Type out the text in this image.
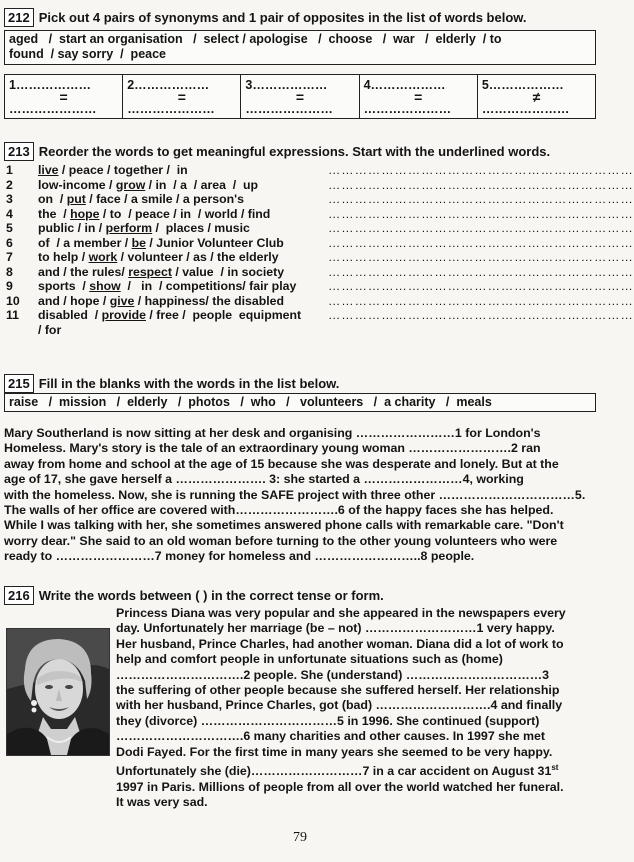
212 Pick out 4 pairs of synonyms and 1 pair of opposites in the list of words below.
aged   /  start an organisation   /  select / apologise   /  choose   /  war   /  elderly  / to
found  / say sorry  /  peace
1………………
=
…………………
2………………
=
…………………
3………………
=
…………………
4………………
=
…………………
5………………
≠
…………………
213 Reorder the words to get meaningful expressions. Start with the underlined words.
1	live / peace / together /  in	……………………………………………………………
2	low-income / grow / in  / a  / area  /  up	……………………………………………………………
3	on  / put / face / a smile / a person's	……………………………………………………………
4	the  / hope / to  / peace / in  / world / find	……………………………………………………………
5	public / in / perform /  places / music	……………………………………………………………
6	of  / a member / be / Junior Volunteer Club	……………………………………………………………
7	to help / work / volunteer / as / the elderly	……………………………………………………………
8	and / the rules/ respect / value  / in society	……………………………………………………………
9	sports  / show  /   in  / competitions/ fair play	……………………………………………………………
10	and / hope / give / happiness/ the disabled	……………………………………………………………
11	disabled  / provide / free /  people  equipment	……………………………………………………………
/ for
215 Fill in the blanks with the words in the list below.
raise   /  mission   /  elderly   /  photos   /  who   /   volunteers   /  a charity   /  meals
Mary Southerland is now sitting at her desk and organising ……………………1 for London's
Homeless. Mary's story is the tale of an extraordinary young woman …………………….2 ran
away from home and school at the age of 15 because she was desperate and lonely. But at the
age of 17, she gave herself a …………………. 3: she started a ……………………4, working
with the homeless. Now, she is running the SAFE project with three other ……………………………5.
The walls of her office are covered with…………………….6 of the happy faces she has helped.
While I was talking with her, she sometimes answered phone calls with remarkable care. "Don't
worry dear." She said to an old woman before turning to the other young volunteers who were
ready to ……………………7 money for homeless and ……………………..8 people.
216 Write the words between ( ) in the correct tense or form.
Princess Diana was very popular and she appeared in the newspapers every
day. Unfortunately her marriage (be – not) ………………………1 very happy.
Her husband, Prince Charles, had another woman. Diana did a lot of work to
help and comfort people in unfortunate situations such as (home)
………………………….2 people. She (understand) ……………………………3
the suffering of other people because she suffered herself. Her relationship
with her husband, Prince Charles, got (bad) ……………………….4 and finally
they (divorce) ……………………………5 in 1996. She continued (support)
………………………….6 many charities and other causes. In 1997 she met
Dodi Fayed. For the first time in many years she seemed to be very happy.
Unfortunately she (die)………………………7 in a car accident on August 31st
1997 in Paris. Millions of people from all over the world watched her funeral.
It was very sad.
79
